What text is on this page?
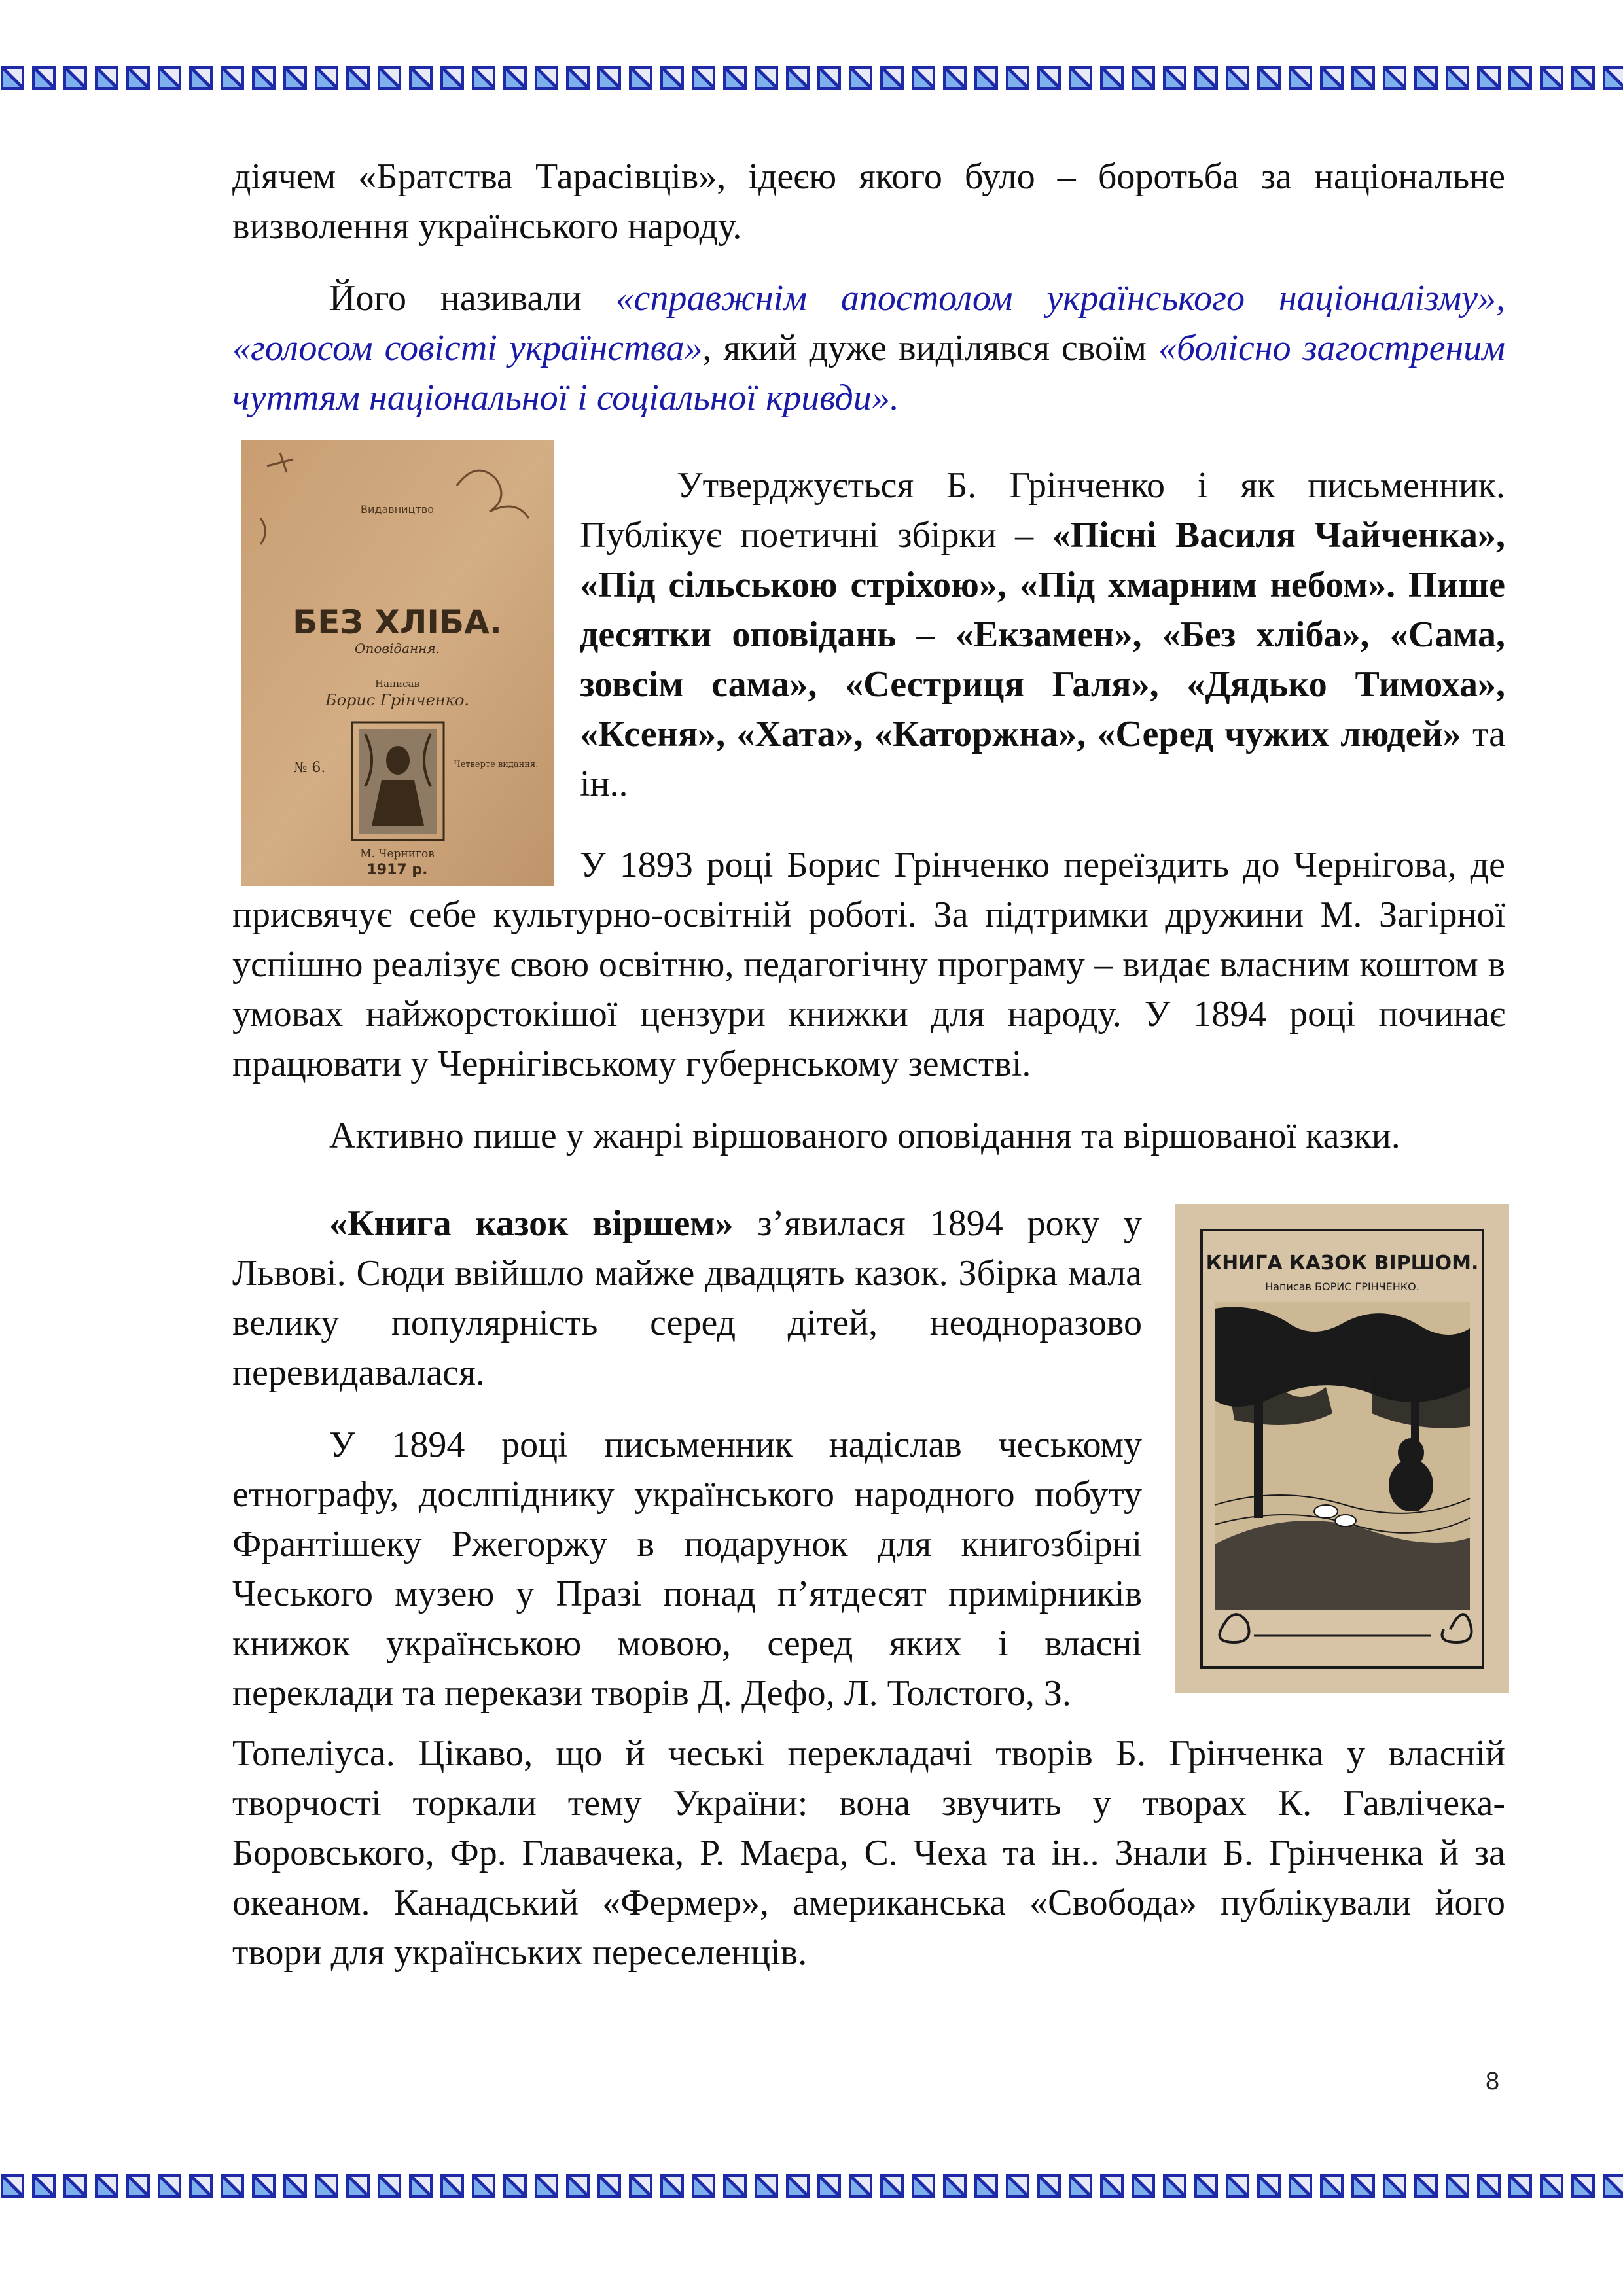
діячем «Братства Тарасівців», ідеєю якого було – боротьба за національне визволення українського народу.

Його називали «справжнім апостолом українського націоналізму», «голосом совісті українства», який дуже виділявся своїм «болісно загостреним чуттям національної і соціальної кривди».

Видавництво
БЕЗ ХЛІБА.
Оповідання.
Написав
Борис Грінченко.
№ 6.	Четверте видання.
М. Чернигов
1917 р.

Утверджується Б. Грінченко і як письменник. Публікує поетичні збірки – «Пісні Василя Чайченка», «Під сільською стріхою», «Під хмарним небом». Пише десятки оповідань – «Екзамен», «Без хліба», «Сама, зовсім сама», «Сестриця Галя», «Дядько Тимоха», «Ксеня», «Хата», «Каторжна», «Серед чужих людей» та ін..

У 1893 році Борис Грінченко переїздить до Чернігова, де присвячує себе культурно-освітній роботі. За підтримки дружини М. Загірної успішно реалізує свою освітню, педагогічну програму – видає власним коштом в умовах найжорстокішої цензури книжки для народу. У 1894 році починає працювати у Чернігівському губернському земстві.

Активно пише у жанрі віршованого оповідання та віршованої казки.

КНИГА КАЗОК ВІРШОМ.
Написав БОРИС ГРІНЧЕНКО.

«Книга казок віршем» з’явилася 1894 року у Львові. Сюди ввійшло майже двадцять казок. Збірка мала велику популярність серед дітей, неодноразово перевидавалася.

У 1894 році письменник надіслав чеському етнографу, дослпіднику українського народного побуту Франтішеку Ржегоржу в подарунок для книгозбірні Чеського музею у Празі понад п’ятдесят примірників книжок українською мовою, серед яких і власні переклади та перекази творів Д. Дефо, Л. Толстого, З.

Топеліуса. Цікаво, що й чеські перекладачі творів Б. Грінченка у власній творчості торкали тему України: вона звучить у творах К. Гавлічека-Боровського, Фр. Главачека, Р. Маєра, С. Чеха та ін.. Знали Б. Грінченка й за океаном. Канадський «Фермер», американська «Свобода» публікували його твори для українських переселенців.

8
